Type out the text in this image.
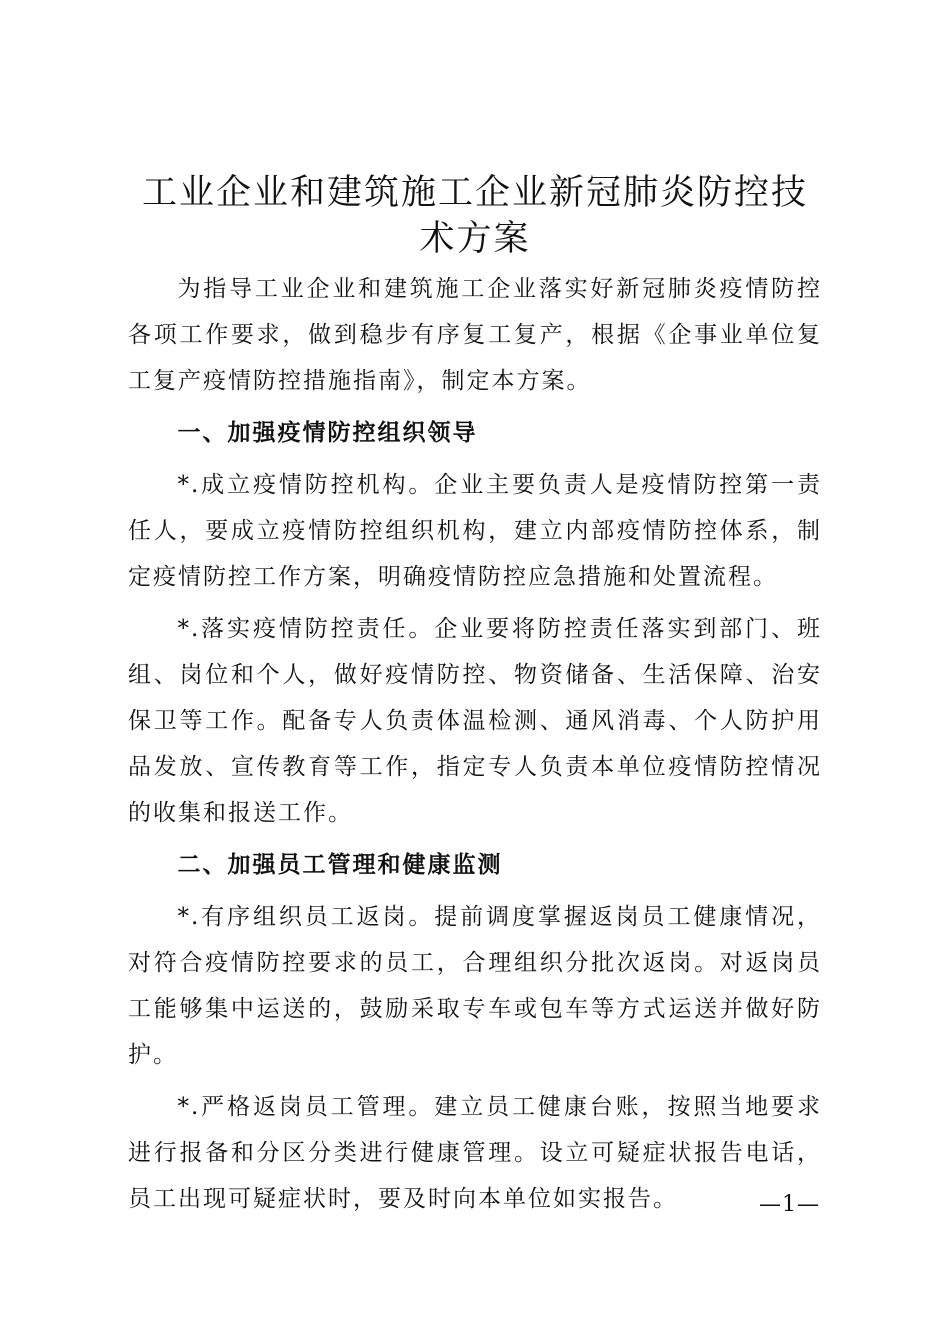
工业企业和建筑施工企业新冠肺炎防控技术方案

为指导工业企业和建筑施工企业落实好新冠肺炎疫情防控各项工作要求，做到稳步有序复工复产，根据《企事业单位复工复产疫情防控措施指南》，制定本方案。

一、加强疫情防控组织领导

*.成立疫情防控机构。企业主要负责人是疫情防控第一责任人，要成立疫情防控组织机构，建立内部疫情防控体系，制定疫情防控工作方案，明确疫情防控应急措施和处置流程。

*.落实疫情防控责任。企业要将防控责任落实到部门、班组、岗位和个人，做好疫情防控、物资储备、生活保障、治安保卫等工作。配备专人负责体温检测、通风消毒、个人防护用品发放、宣传教育等工作，指定专人负责本单位疫情防控情况的收集和报送工作。

二、加强员工管理和健康监测

*.有序组织员工返岗。提前调度掌握返岗员工健康情况，对符合疫情防控要求的员工，合理组织分批次返岗。对返岗员工能够集中运送的，鼓励采取专车或包车等方式运送并做好防护。

*.严格返岗员工管理。建立员工健康台账，按照当地要求进行报备和分区分类进行健康管理。设立可疑症状报告电话，员工出现可疑症状时，要及时向本单位如实报告。	—1—
